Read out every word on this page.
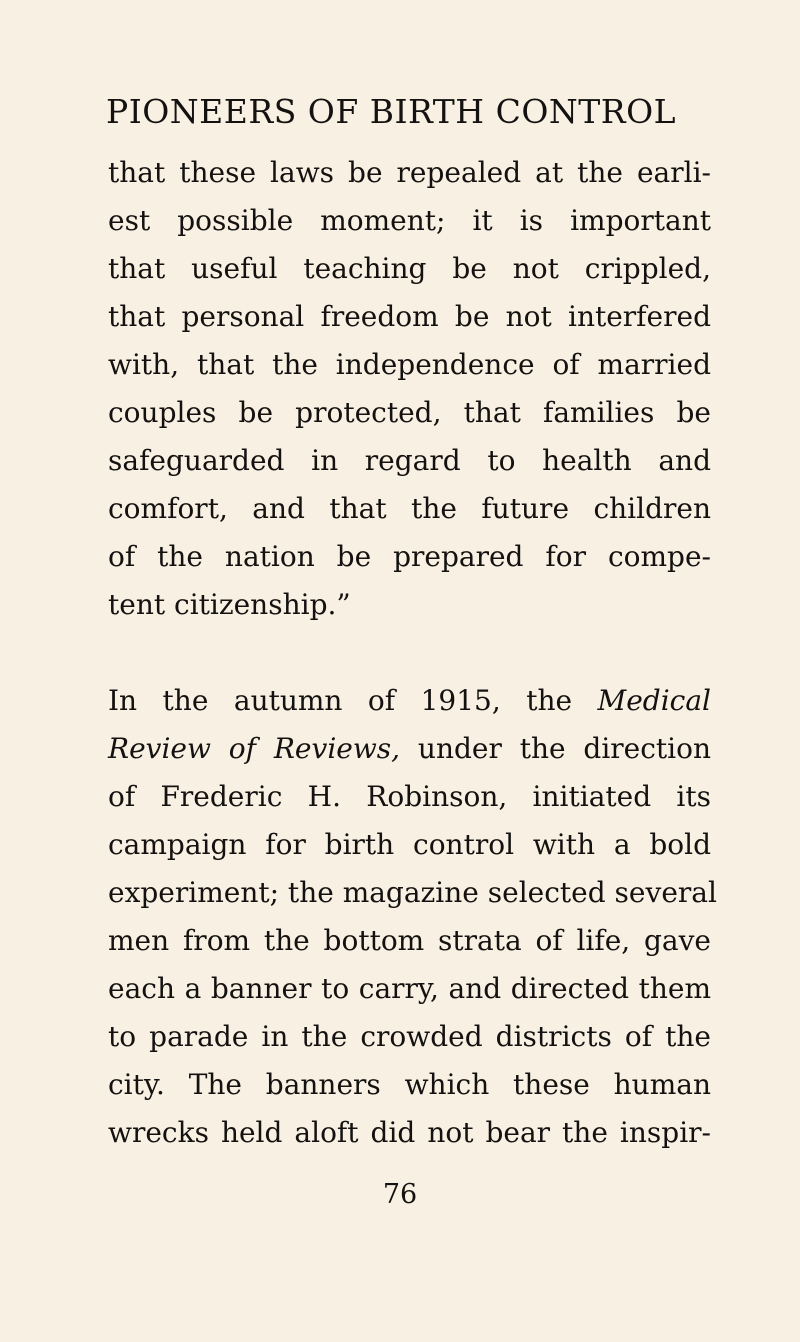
PIONEERS OF BIRTH CONTROL
that these laws be repealed at the earli-
est possible moment; it is important
that useful teaching be not crippled,
that personal freedom be not interfered
with, that the independence of married
couples be protected, that families be
safeguarded in regard to health and
comfort, and that the future children
of the nation be prepared for compe-
tent citizenship.”
In the autumn of 1915, the Medical
Review of Reviews, under the direction
of Frederic H. Robinson, initiated its
campaign for birth control with a bold
experiment; the magazine selected several
men from the bottom strata of life, gave
each a banner to carry, and directed them
to parade in the crowded districts of the
city. The banners which these human
wrecks held aloft did not bear the inspir-
76
